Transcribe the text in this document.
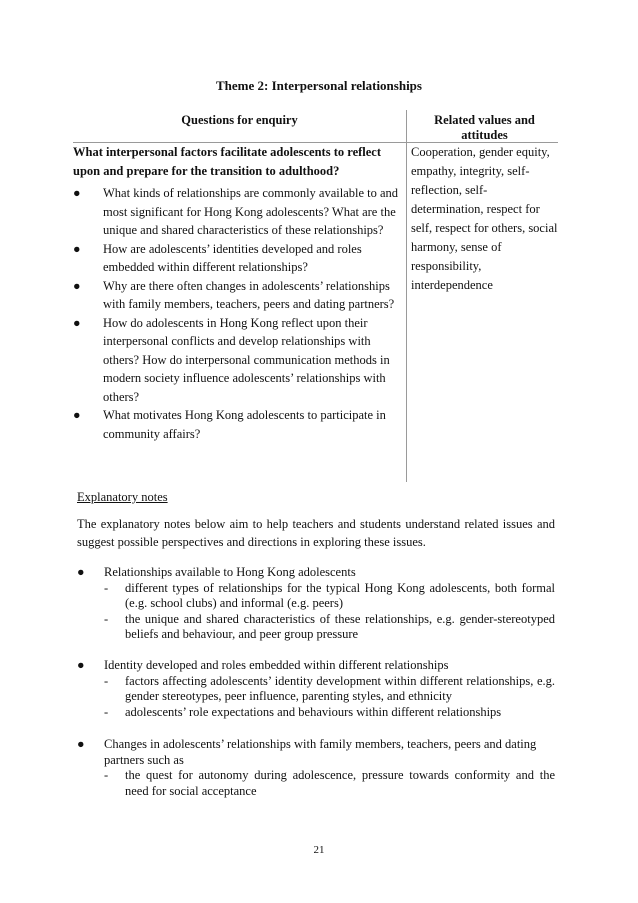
Theme 2: Interpersonal relationships
Questions for enquiry	Related values and attitudes
What interpersonal factors facilitate adolescents to reflect upon and prepare for the transition to adulthood?
● What kinds of relationships are commonly available to and most significant for Hong Kong adolescents? What are the unique and shared characteristics of these relationships?
● How are adolescents’ identities developed and roles embedded within different relationships?
● Why are there often changes in adolescents’ relationships with family members, teachers, peers and dating partners?
● How do adolescents in Hong Kong reflect upon their interpersonal conflicts and develop relationships with others? How do interpersonal communication methods in modern society influence adolescents’ relationships with others?
● What motivates Hong Kong adolescents to participate in community affairs?
Cooperation, gender equity, empathy, integrity, self-reflection, self-determination, respect for self, respect for others, social harmony, sense of responsibility, interdependence
Explanatory notes
The explanatory notes below aim to help teachers and students understand related issues and suggest possible perspectives and directions in exploring these issues.
● Relationships available to Hong Kong adolescents
- different types of relationships for the typical Hong Kong adolescents, both formal (e.g. school clubs) and informal (e.g. peers)
- the unique and shared characteristics of these relationships, e.g. gender-stereotyped beliefs and behaviour, and peer group pressure
● Identity developed and roles embedded within different relationships
- factors affecting adolescents’ identity development within different relationships, e.g. gender stereotypes, peer influence, parenting styles, and ethnicity
- adolescents’ role expectations and behaviours within different relationships
● Changes in adolescents’ relationships with family members, teachers, peers and dating partners such as
- the quest for autonomy during adolescence, pressure towards conformity and the need for social acceptance
21
